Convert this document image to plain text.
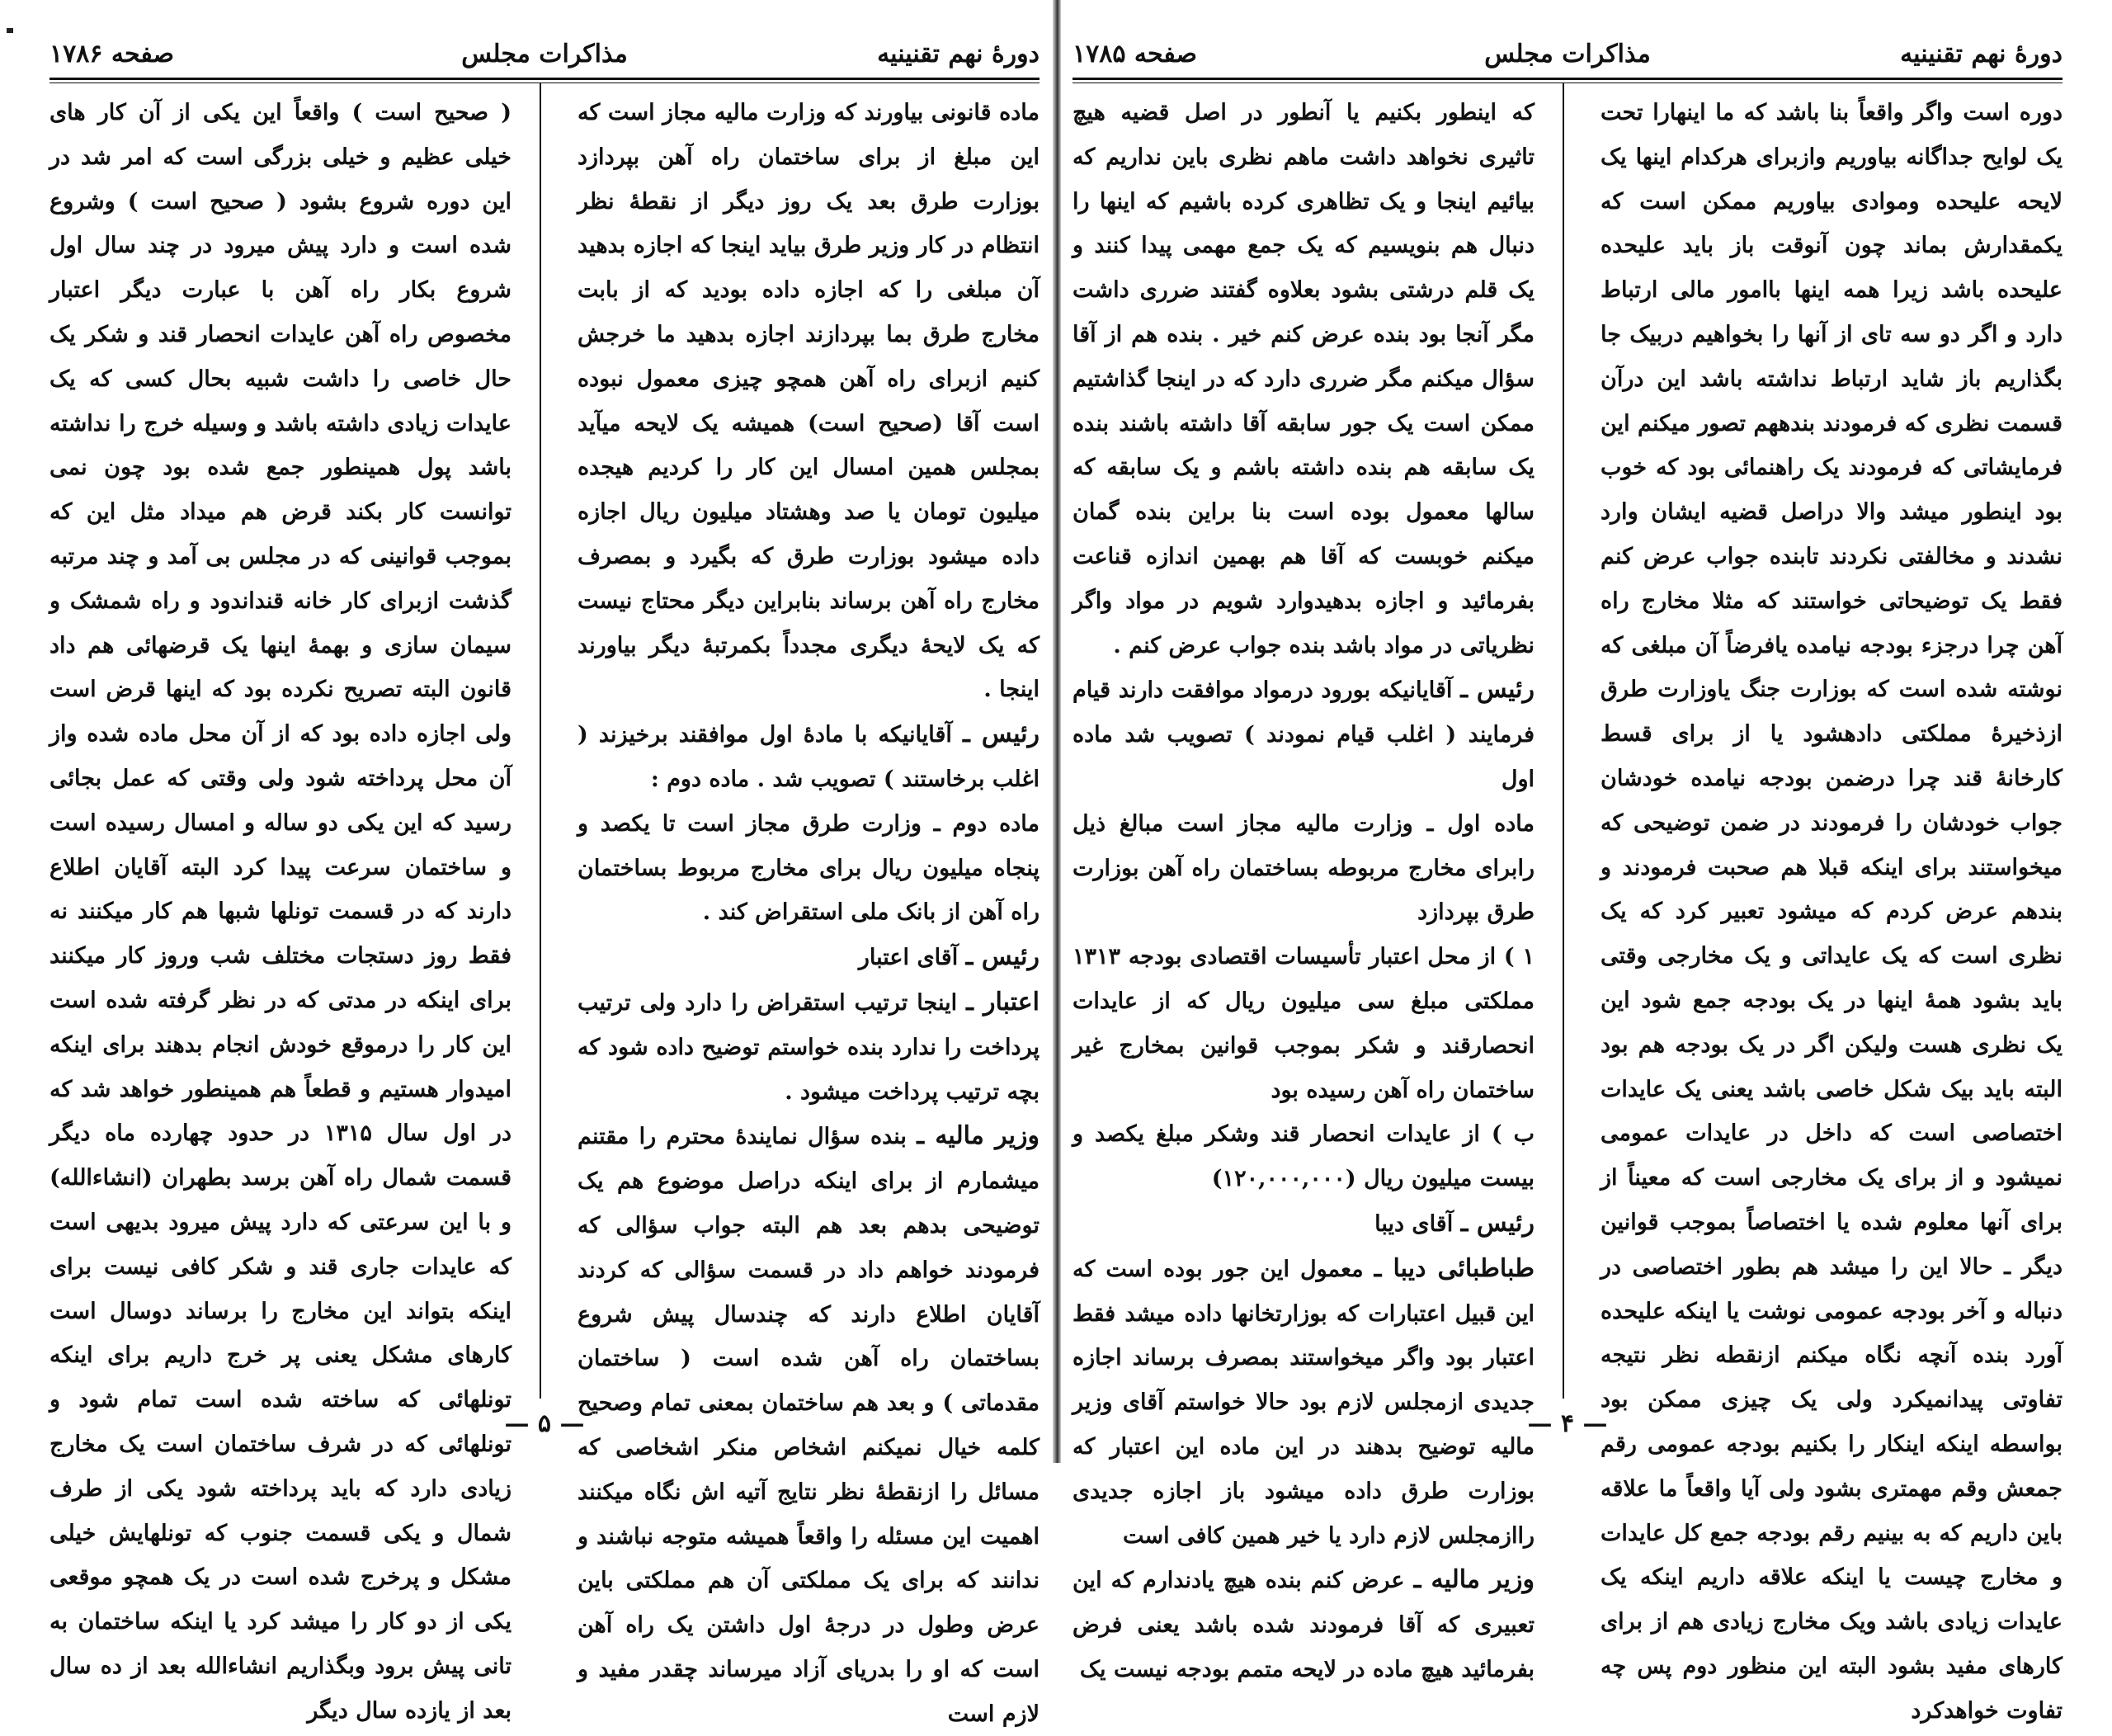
دورهٔ نهم تقنینیه
مذاکرات مجلس
صفحه ۱۷۸۶

ماده قانونی بیاورند که وزارت مالیه مجاز است که این مبلغ از برای ساختمان راه آهن بپردازد بوزارت طرق بعد یک روز دیگر از نقطهٔ نظر انتظام در کار وزیر طرق بیاید اینجا که اجازه بدهید آن مبلغی را که اجازه داده بودید که از بابت مخارج طرق بما بپردازند اجازه بدهید ما خرجش کنیم ازبرای راه آهن همچو چیزی معمول نبوده است آقا (صحیح است) همیشه یک لایحه میآید بمجلس همین امسال این کار را کردیم هیجده میلیون تومان یا صد وهشتاد میلیون ریال اجازه داده میشود بوزارت طرق که بگیرد و بمصرف مخارج راه آهن برساند بنابراین دیگر محتاج نیست که یک لایحهٔ دیگری مجدداً بکمرتبهٔ دیگر بیاورند اینجا .

رئیس ـ آقایانیکه با مادهٔ اول موافقند برخیزند ( اغلب برخاستند ) تصویب شد . ماده دوم :

ماده دوم ـ وزارت طرق مجاز است تا یکصد و پنجاه میلیون ریال برای مخارج مربوط بساختمان راه آهن از بانک ملی استقراض کند .

رئیس ـ آقای اعتبار

اعتبار ـ اینجا ترتیب استقراض را دارد ولی ترتیب پرداخت را ندارد بنده خواستم توضیح داده شود که بچه ترتیب پرداخت میشود .

وزیر مالیه ـ بنده سؤال نمایندهٔ محترم را مقتنم میشمارم از برای اینکه دراصل موضوع هم یک توضیحی بدهم بعد هم البته جواب سؤالی که فرمودند خواهم داد در قسمت سؤالی که کردند آقایان اطلاع دارند که چندسال پیش شروع بساختمان راه آهن شده است ( ساختمان مقدماتی ) و بعد هم ساختمان بمعنی تمام وصحیح کلمه خیال نمیکنم اشخاص منکر اشخاصی که مسائل را ازنقطهٔ نظر نتایج آتیه اش نگاه میکنند اهمیت این مسئله را واقعاً همیشه متوجه نباشند و ندانند که برای یک مملکتی آن هم مملکتی باین عرض وطول در درجهٔ اول داشتن یک راه آهن است که او را بدریای آزاد میرساند چقدر مفید و لازم است

( صحیح است ) واقعاً این یکی از آن کار های خیلی عظیم و خیلی بزرگی است که امر شد در این دوره شروع بشود ( صحیح است ) وشروع شده است و دارد پیش میرود در چند سال اول شروع بکار راه آهن با عبارت دیگر اعتبار مخصوص راه آهن عایدات انحصار قند و شکر یک حال خاصی را داشت شبیه بحال کسی که یک عایدات زیادی داشته باشد و وسیله خرج را نداشته باشد پول همینطور جمع شده بود چون نمی توانست کار بکند قرض هم میداد مثل این که بموجب قوانینی که در مجلس بی آمد و چند مرتبه گذشت ازبرای کار خانه قنداندود و راه شمشک و سیمان سازی و بهمهٔ اینها یک قرضهائی هم داد قانون البته تصریح نکرده بود که اینها قرض است ولی اجازه داده بود که از آن محل ماده شده واز آن محل پرداخته شود ولی وقتی که عمل بجائی رسید که این یکی دو ساله و امسال رسیده است و ساختمان سرعت پیدا کرد البته آقایان اطلاع دارند که در قسمت تونلها شبها هم کار میکنند نه فقط روز دستجات مختلف شب وروز کار میکنند برای اینکه در مدتی که در نظر گرفته شده است این کار را درموقع خودش انجام بدهند برای اینکه امیدوار هستیم و قطعاً هم همینطور خواهد شد که در اول سال ۱۳۱۵ در حدود چهارده ماه دیگر قسمت شمال راه آهن برسد بطهران (انشاءالله) و با این سرعتی که دارد پیش میرود بدیهی است که عایدات جاری قند و شکر کافی نیست برای اینکه بتواند این مخارج را برساند دوسال است کارهای مشکل یعنی پر خرج داریم برای اینکه تونلهائی که ساخته شده است تمام شود و تونلهائی که در شرف ساختمان است یک مخارج زیادی دارد که باید پرداخته شود یکی از طرف شمال و یکی قسمت جنوب که تونلهایش خیلی مشکل و پرخرج شده است در یک همچو موقعی یکی از دو کار را میشد کرد یا اینکه ساختمان به تانی پیش برود وبگذاریم انشاءالله بعد از ده سال بعد از یازده سال دیگر

— ۵ —
دورهٔ نهم تقنینیه
مذاکرات مجلس
صفحه ۱۷۸۵

دوره است واگر واقعاً بنا باشد که ما اینهارا تحت یک لوایح جداگانه بیاوریم وازبرای هرکدام اینها یک لایحه علیحده وموادی بیاوریم ممکن است که یکمقدارش بماند چون آنوقت باز باید علیحده علیحده باشد زیرا همه اینها باامور مالی ارتباط دارد و اگر دو سه تای از آنها را بخواهیم دربیک جا بگذاریم باز شاید ارتباط نداشته باشد این درآن قسمت نظری که فرمودند بندههم تصور میکنم این فرمایشاتی که فرمودند یک راهنمائی بود که خوب بود اینطور میشد والا دراصل قضیه ایشان وارد نشدند و مخالفتی نکردند تابنده جواب عرض کنم فقط یک توضیحاتی خواستند که مثلا مخارج راه آهن چرا درجزء بودجه نیامده یافرضاً آن مبلغی که نوشته شده است که بوزارت جنگ یاوزارت طرق ازذخیرهٔ مملکتی دادهشود یا از برای قسط کارخانهٔ قند چرا درضمن بودجه نیامده خودشان جواب خودشان را فرمودند در ضمن توضیحی که میخواستند برای اینکه قبلا هم صحبت فرمودند و بندهم عرض کردم که میشود تعبیر کرد که یک نظری است که یک عایداتی و یک مخارجی وقتی باید بشود همهٔ اینها در یک بودجه جمع شود این یک نظری هست ولیکن اگر در یک بودجه هم بود البته باید بیک شکل خاصی باشد یعنی یک عایدات اختصاصی است که داخل در عایدات عمومی نمیشود و از برای یک مخارجی است که معیناً از برای آنها معلوم شده یا اختصاصاً بموجب قوانین دیگر ـ حالا این را میشد هم بطور اختصاصی در دنباله و آخر بودجه عمومی نوشت یا اینکه علیحده آورد بنده آنچه نگاه میکنم ازنقطه نظر نتیجه تفاوتی پیدانمیکرد ولی یک چیزی ممکن بود بواسطه اینکه اینکار را بکنیم بودجه عمومی رقم جمعش وقم مهمتری بشود ولی آیا واقعاً ما علاقه باین داریم که به بینیم رقم بودجه جمع کل عایدات و مخارج چیست یا اینکه علاقه داریم اینکه یک عایدات زیادی باشد ویک مخارج زیادی هم از برای کارهای مفید بشود البته این منظور دوم پس چه تفاوت خواهدکرد

که اینطور بکنیم یا آنطور در اصل قضیه هیچ تاثیری نخواهد داشت ماهم نظری باین نداریم که بیائیم اینجا و یک تظاهری کرده باشیم که اینها را دنبال هم بنویسیم که یک جمع مهمی پیدا کنند و یک قلم درشتی بشود بعلاوه گفتند ضرری داشت مگر آنجا بود بنده عرض کنم خیر . بنده هم از آقا سؤال میکنم مگر ضرری دارد که در اینجا گذاشتیم ممکن است یک جور سابقه آقا داشته باشند بنده یک سابقه هم بنده داشته باشم و یک سابقه که سالها معمول بوده است بنا براین بنده گمان میکنم خوبست که آقا هم بهمین اندازه قناعت بفرمائید و اجازه بدهیدوارد شویم در مواد واگر نظریاتی در مواد باشد بنده جواب عرض کنم .

رئیس ـ آقایانیکه بورود درمواد موافقت دارند قیام فرمایند ( اغلب قیام نمودند ) تصویب شد ماده اول

ماده اول ـ وزارت مالیه مجاز است مبالغ ذیل رابرای مخارج مربوطه بساختمان راه آهن بوزارت طرق بپردازد

۱ ) از محل اعتبار تأسیسات اقتصادی بودجه ۱۳۱۳ مملکتی مبلغ سی میلیون ریال که از عایدات انحصارقند و شکر بموجب قوانین بمخارج غیر ساختمان راه آهن رسیده بود

ب ) از عایدات انحصار قند وشکر مبلغ یکصد و بیست میلیون ریال (۱۲۰,۰۰۰,۰۰۰)

رئیس ـ آقای دیبا

طباطبائی دیبا ـ معمول این جور بوده است که این قبیل اعتبارات که بوزارتخانها داده میشد فقط اعتبار بود واگر میخواستند بمصرف برساند اجازه جدیدی ازمجلس لازم بود حالا خواستم آقای وزیر مالیه توضیح بدهند در این ماده این اعتبار که بوزارت طرق داده میشود باز اجازه جدیدی راازمجلس لازم دارد یا خیر همین کافی است

وزیر مالیه ـ عرض کنم بنده هیچ یادندارم که این تعبیری که آقا فرمودند شده باشد یعنی فرض بفرمائید هیچ ماده در لایحه متمم بودجه نیست یک

— ۴ —
